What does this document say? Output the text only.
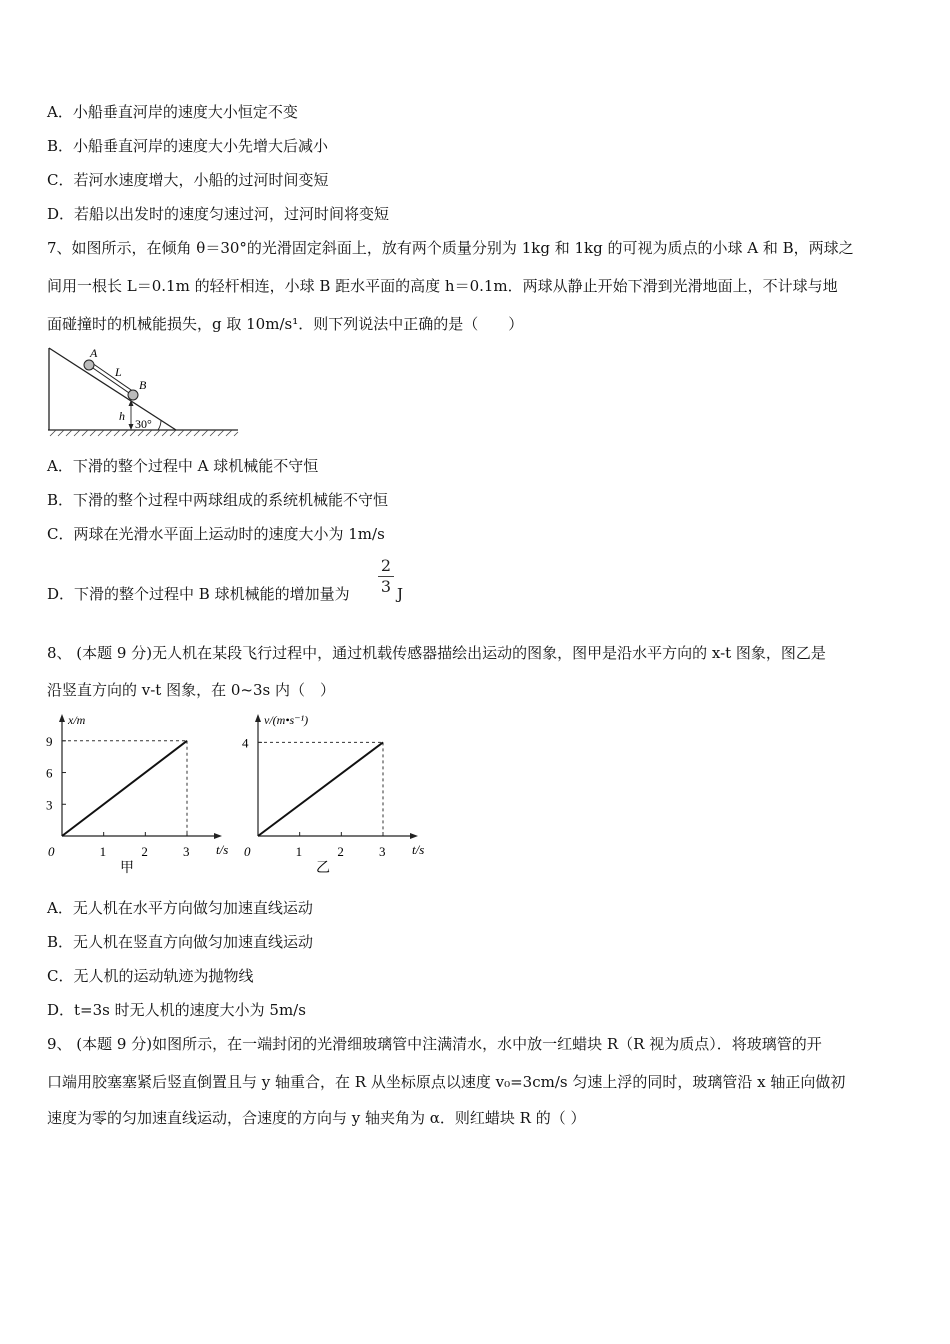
A．小船垂直河岸的速度大小恒定不变
B．小船垂直河岸的速度大小先增大后减小
C．若河水速度增大，小船的过河时间变短
D．若船以出发时的速度匀速过河，过河时间将变短
7、如图所示，在倾角 θ＝30°的光滑固定斜面上，放有两个质量分别为 1kg 和 1kg 的可视为质点的小球 A 和 B，两球之
间用一根长 L＝0.1m 的轻杆相连，小球 B 距水平面的高度 h＝0.1m．两球从静止开始下滑到光滑地面上，不计球与地
面碰撞时的机械能损失，g 取 10m/s¹．则下列说法中正确的是（　　）
A
L
B
h
30°
A．下滑的整个过程中 A 球机械能不守恒
B．下滑的整个过程中两球组成的系统机械能不守恒
C．两球在光滑水平面上运动时的速度大小为 1m/s
D．下滑的整个过程中 B 球机械能的增加量为
2
3 J
8、 (本题 9 分)无人机在某段飞行过程中，通过机载传感器描绘出运动的图象，图甲是沿水平方向的 x-t 图象，图乙是
沿竖直方向的 v-t 图象，在 0~3s 内（　）
t/s
x/m
0	1	2	3
3
6
9
甲
t/s
v/(m•s⁻¹)
0	1	2	3
4
乙
A．无人机在水平方向做匀加速直线运动
B．无人机在竖直方向做匀加速直线运动
C．无人机的运动轨迹为抛物线
D．t=3s 时无人机的速度大小为 5m/s
9、 (本题 9 分)如图所示，在一端封闭的光滑细玻璃管中注满清水，水中放一红蜡块 R（R 视为质点）．将玻璃管的开
口端用胶塞塞紧后竖直倒置且与 y 轴重合，在 R 从坐标原点以速度 v₀=3cm/s 匀速上浮的同时，玻璃管沿 x 轴正向做初
速度为零的匀加速直线运动，合速度的方向与 y 轴夹角为 α．则红蜡块 R 的（ ）
